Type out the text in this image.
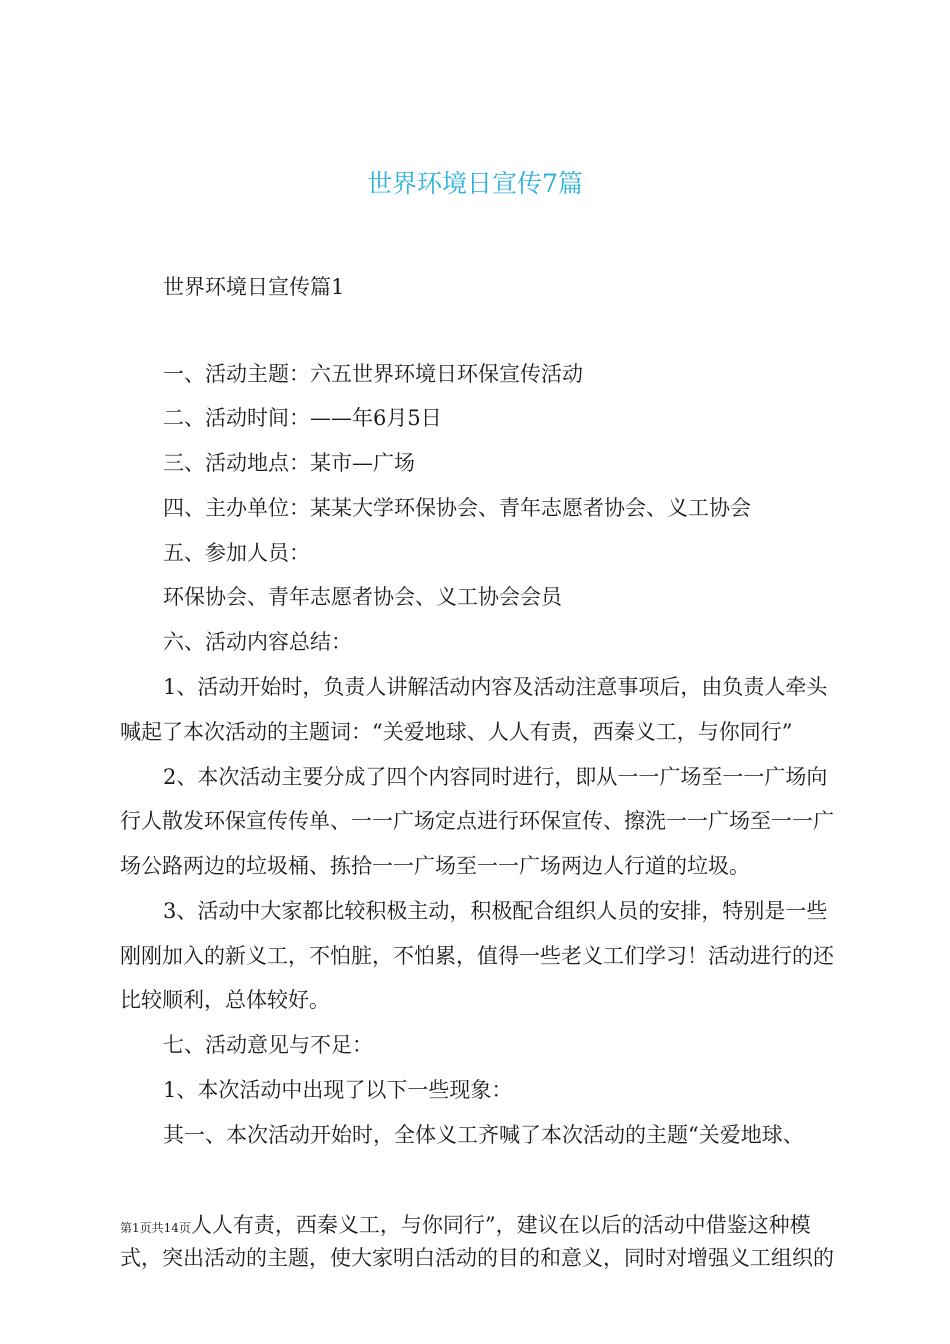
世界环境日宣传7篇

世界环境日宣传篇1

一、活动主题：六五世界环境日环保宣传活动

二、活动时间：——年6月5日

三、活动地点：某市—广场

四、主办单位：某某大学环保协会、青年志愿者协会、义工协会

五、参加人员：

环保协会、青年志愿者协会、义工协会会员

六、活动内容总结：

1、活动开始时，负责人讲解活动内容及活动注意事项后，由负责人牵头

喊起了本次活动的主题词：“关爱地球、人人有责，西秦义工，与你同行”

2、本次活动主要分成了四个内容同时进行，即从一一广场至一一广场向

行人散发环保宣传传单、一一广场定点进行环保宣传、擦洗一一广场至一一广

场公路两边的垃圾桶、拣拾一一广场至一一广场两边人行道的垃圾。

3、活动中大家都比较积极主动，积极配合组织人员的安排，特别是一些

刚刚加入的新义工，不怕脏，不怕累，值得一些老义工们学习！活动进行的还

比较顺利，总体较好。

七、活动意见与不足：

1、本次活动中出现了以下一些现象：

其一、本次活动开始时，全体义工齐喊了本次活动的主题“关爱地球、

第1页共14页人人有责，西秦义工，与你同行”，建议在以后的活动中借鉴这种模
式，突出活动的主题，使大家明白活动的目的和意义，同时对增强义工组织的
